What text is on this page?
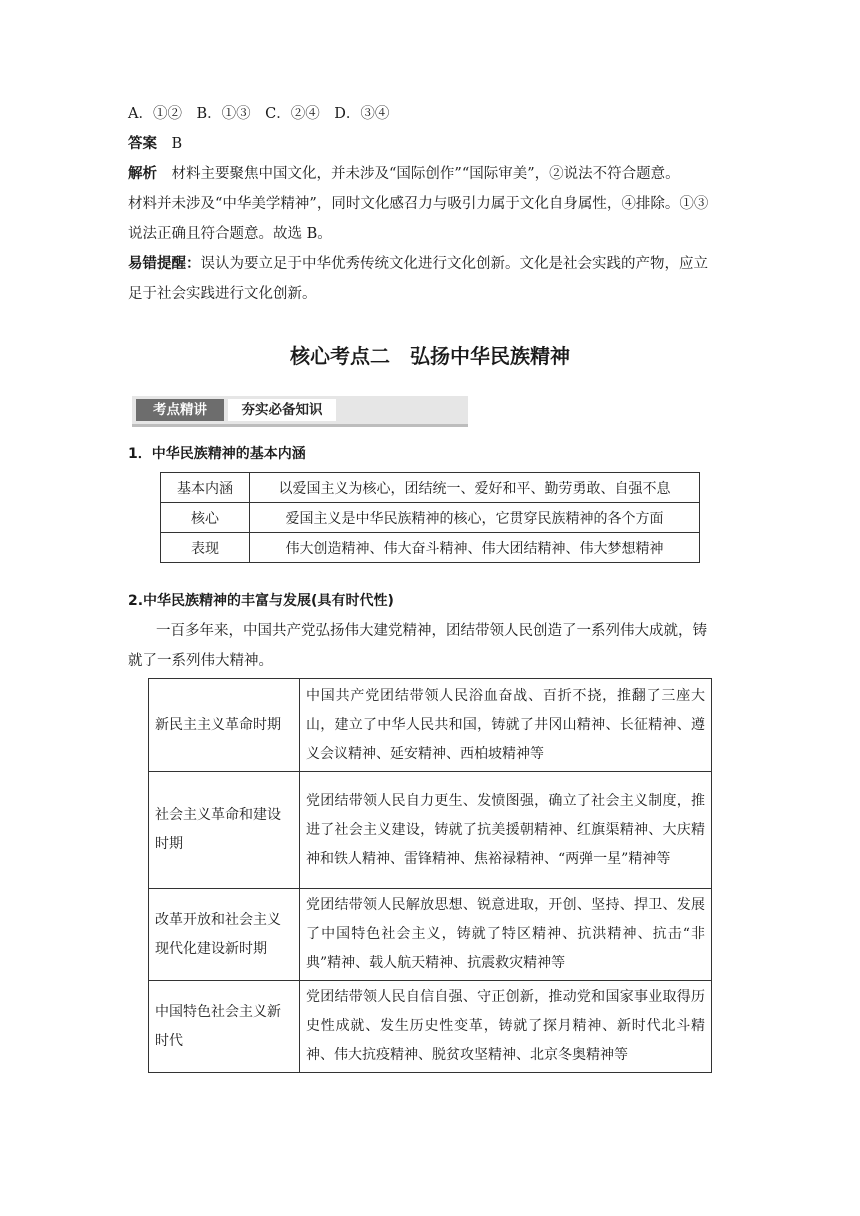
A．①②　B．①③　C．②④　D．③④
答案　 B
解析　 材料主要聚焦中国文化，并未涉及“国际创作”“国际审美”，②说法不符合题意。
材料并未涉及“中华美学精神”，同时文化感召力与吸引力属于文化自身属性，④排除。①③
说法正确且符合题意。故选 B。
易错提醒：误认为要立足于中华优秀传统文化进行文化创新。文化是社会实践的产物，应立
足于社会实践进行文化创新。
核心考点二　弘扬中华民族精神
考点精讲	夯实必备知识
1．中华民族精神的基本内涵
基本内涵	以爱国主义为核心，团结统一、爱好和平、勤劳勇敢、自强不息
核心	爱国主义是中华民族精神的核心，它贯穿民族精神的各个方面
表现	伟大创造精神、伟大奋斗精神、伟大团结精神、伟大梦想精神
2.中华民族精神的丰富与发展(具有时代性)
一百多年来，中国共产党弘扬伟大建党精神，团结带领人民创造了一系列伟大成就，铸
就了一系列伟大精神。
新民主主义革命时期	中国共产党团结带领人民浴血奋战、百折不挠，推翻了三座大山，建立了中华人民共和国，铸就了井冈山精神、长征精神、遵义会议精神、延安精神、西柏坡精神等
社会主义革命和建设时期	党团结带领人民自力更生、发愤图强，确立了社会主义制度，推进了社会主义建设，铸就了抗美援朝精神、红旗渠精神、大庆精神和铁人精神、雷锋精神、焦裕禄精神、“两弹一星”精神等
改革开放和社会主义现代化建设新时期	党团结带领人民解放思想、锐意进取，开创、坚持、捍卫、发展了中国特色社会主义，铸就了特区精神、抗洪精神、抗击“非典”精神、载人航天精神、抗震救灾精神等
中国特色社会主义新时代	党团结带领人民自信自强、守正创新，推动党和国家事业取得历史性成就、发生历史性变革，铸就了探月精神、新时代北斗精神、伟大抗疫精神、脱贫攻坚精神、北京冬奥精神等
